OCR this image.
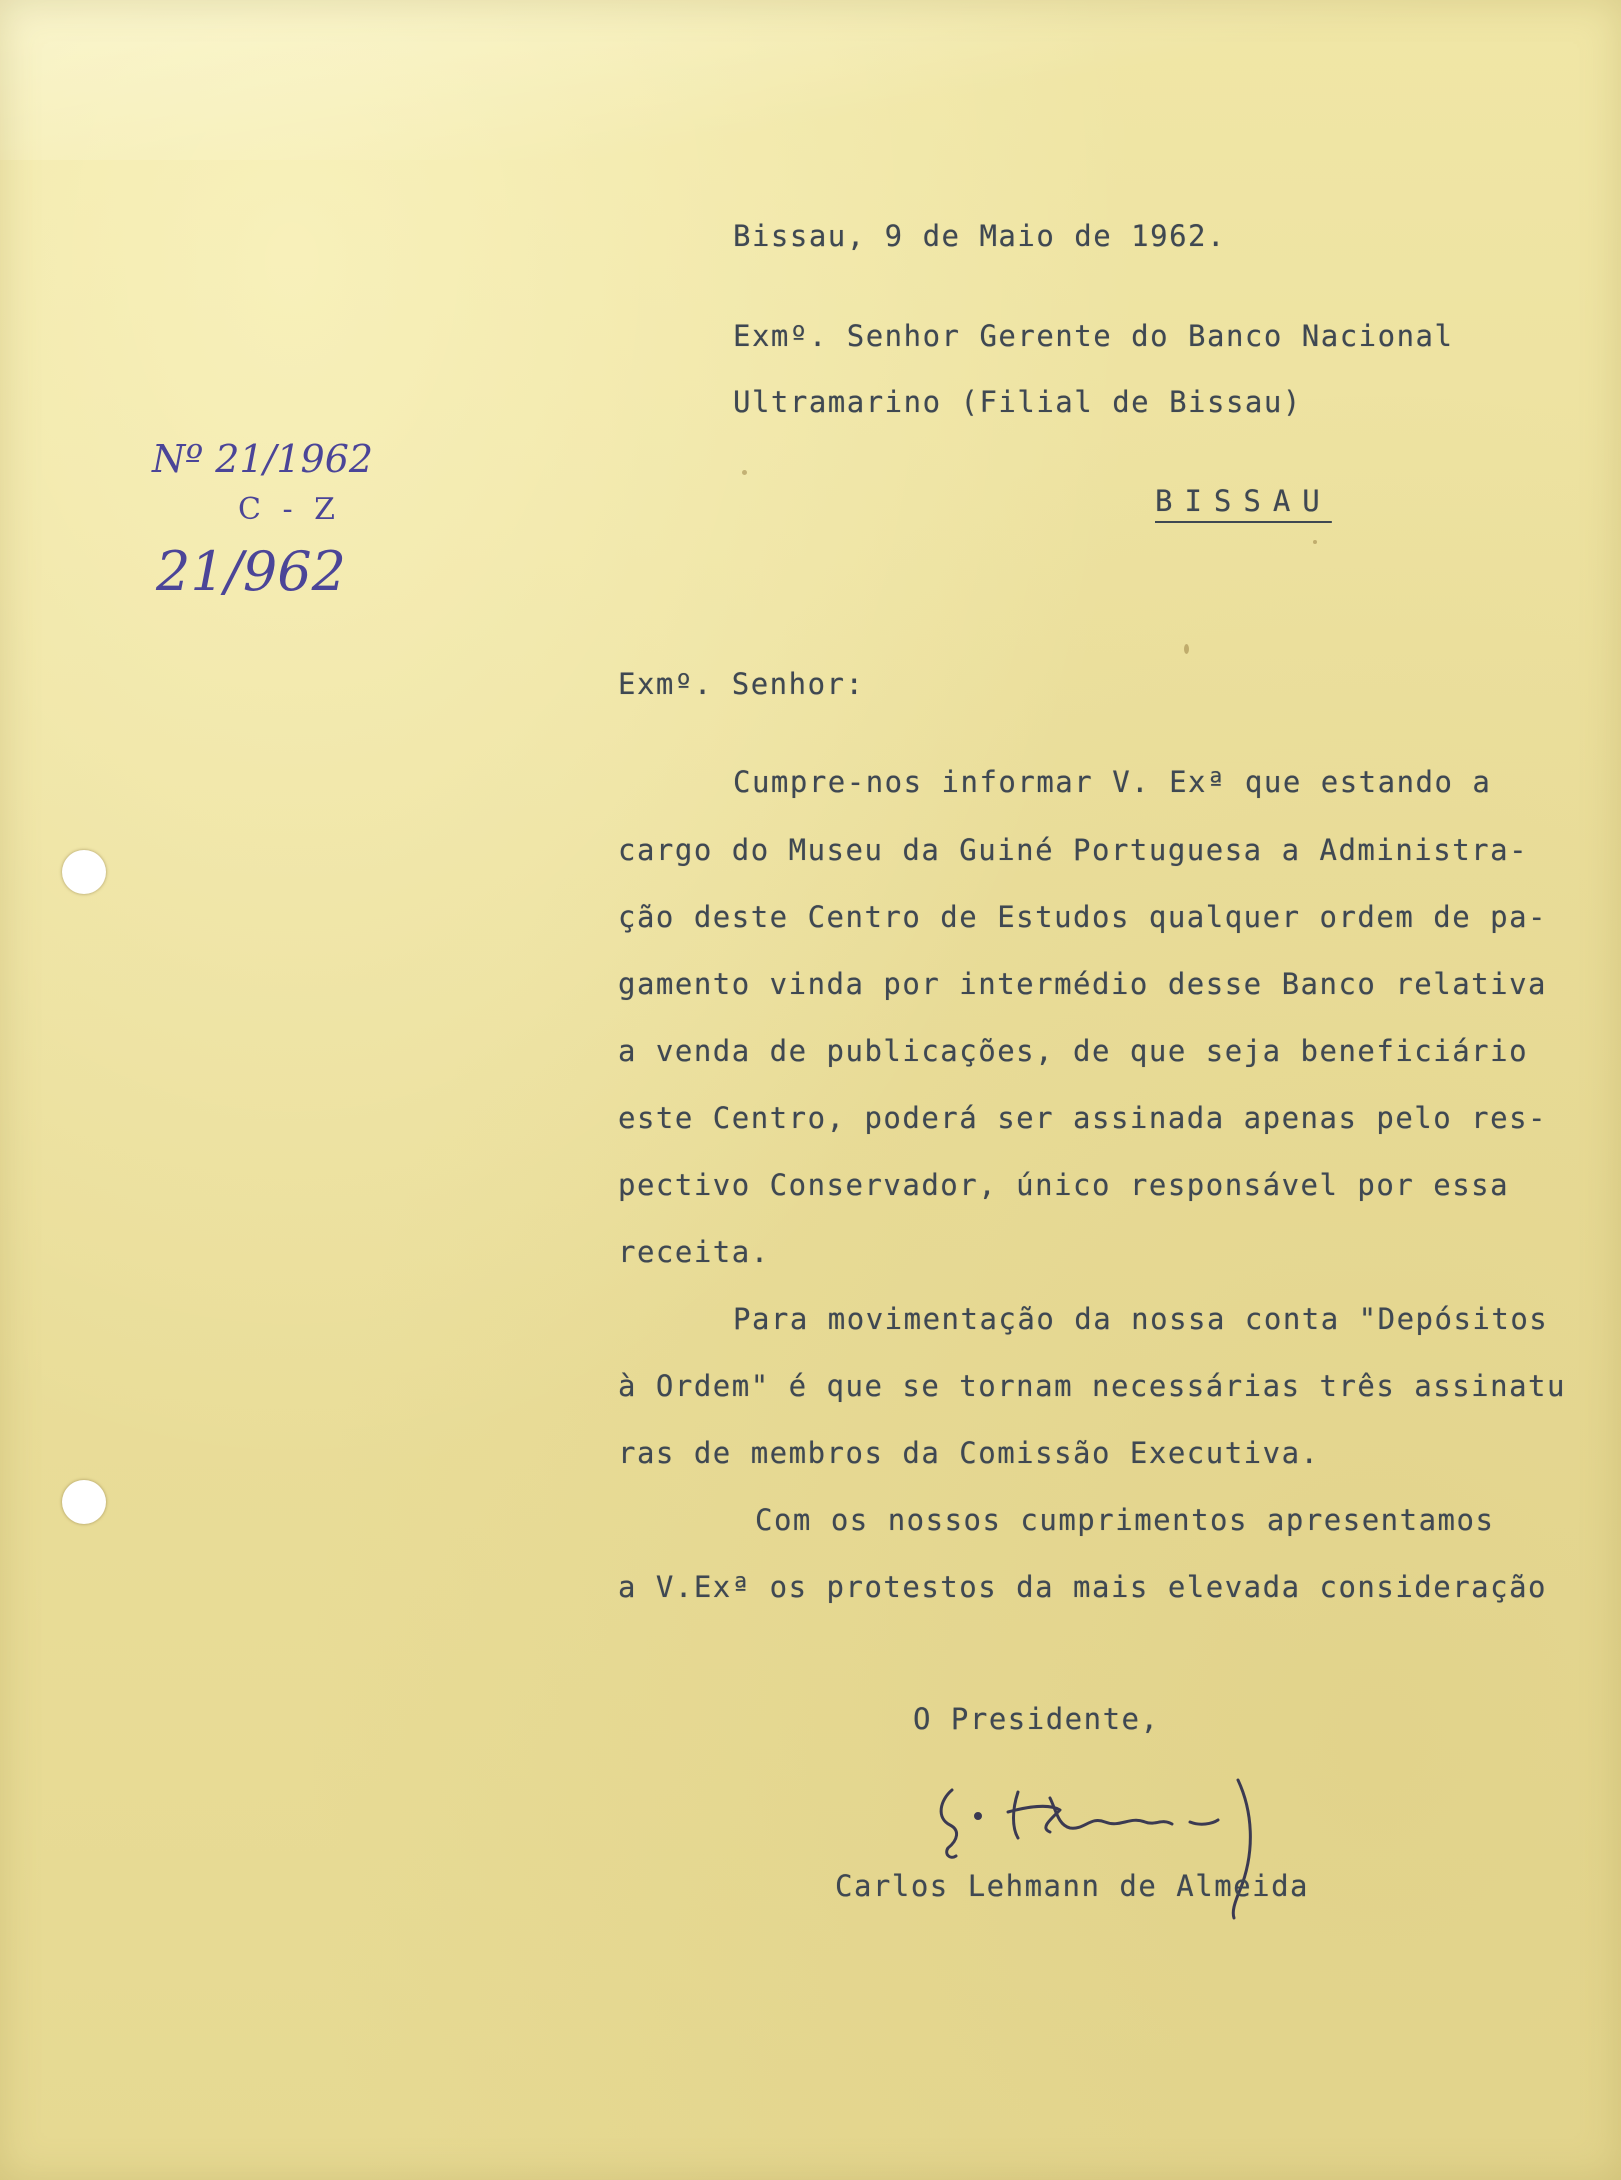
Nº 21/1962
C - Z
21/962
Bissau, 9 de Maio de 1962.
Exmº. Senhor Gerente do Banco Nacional
Ultramarino (Filial de Bissau)
BISSAU
Exmº. Senhor:
Cumpre-nos informar V. Exª que estando a
cargo do Museu da Guiné Portuguesa a Administra-
ção deste Centro de Estudos qualquer ordem de pa-
gamento vinda por intermédio desse Banco relativa
a venda de publicações, de que seja beneficiário
este Centro, poderá ser assinada apenas pelo res-
pectivo Conservador, único responsável por essa
receita.
Para movimentação da nossa conta "Depósitos
à Ordem" é que se tornam necessárias três assinatu
ras de membros da Comissão Executiva.
Com os nossos cumprimentos apresentamos
a V.Exª os protestos da mais elevada consideração
O Presidente,
Carlos Lehmann de Almeida
